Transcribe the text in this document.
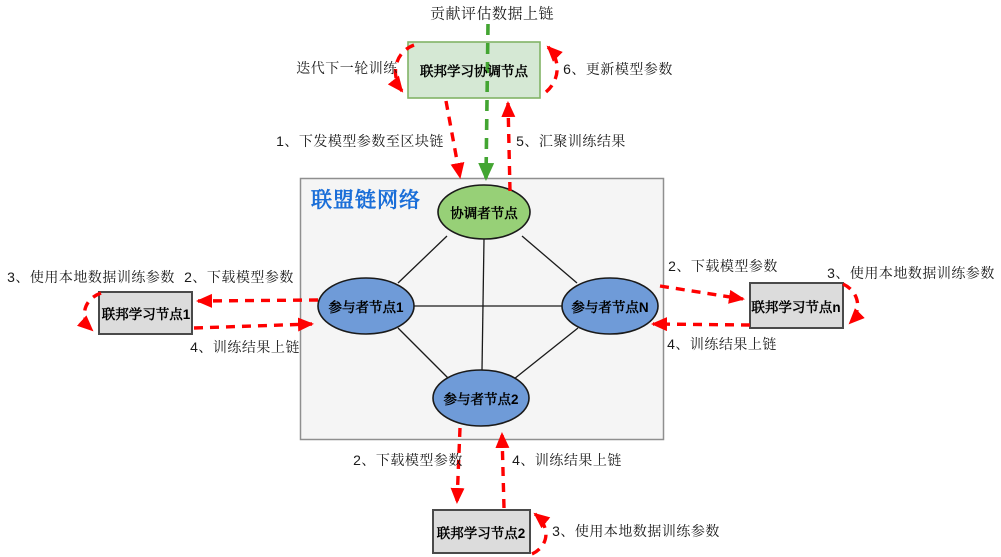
贡献评估数据上链
联邦学习协调节点
迭代下一轮训练	6、更新模型参数
1、下发模型参数至区块链	5、汇聚训练结果
联盟链网络
协调者节点
参与者节点1	参与者节点N
参与者节点2
联邦学习节点1
3、使用本地数据训练参数 2、下载模型参数
4、训练结果上链
联邦学习节点n
2、下载模型参数	3、使用本地数据训练参数
4、训练结果上链
联邦学习节点2
2、下载模型参数	4、训练结果上链
3、使用本地数据训练参数
